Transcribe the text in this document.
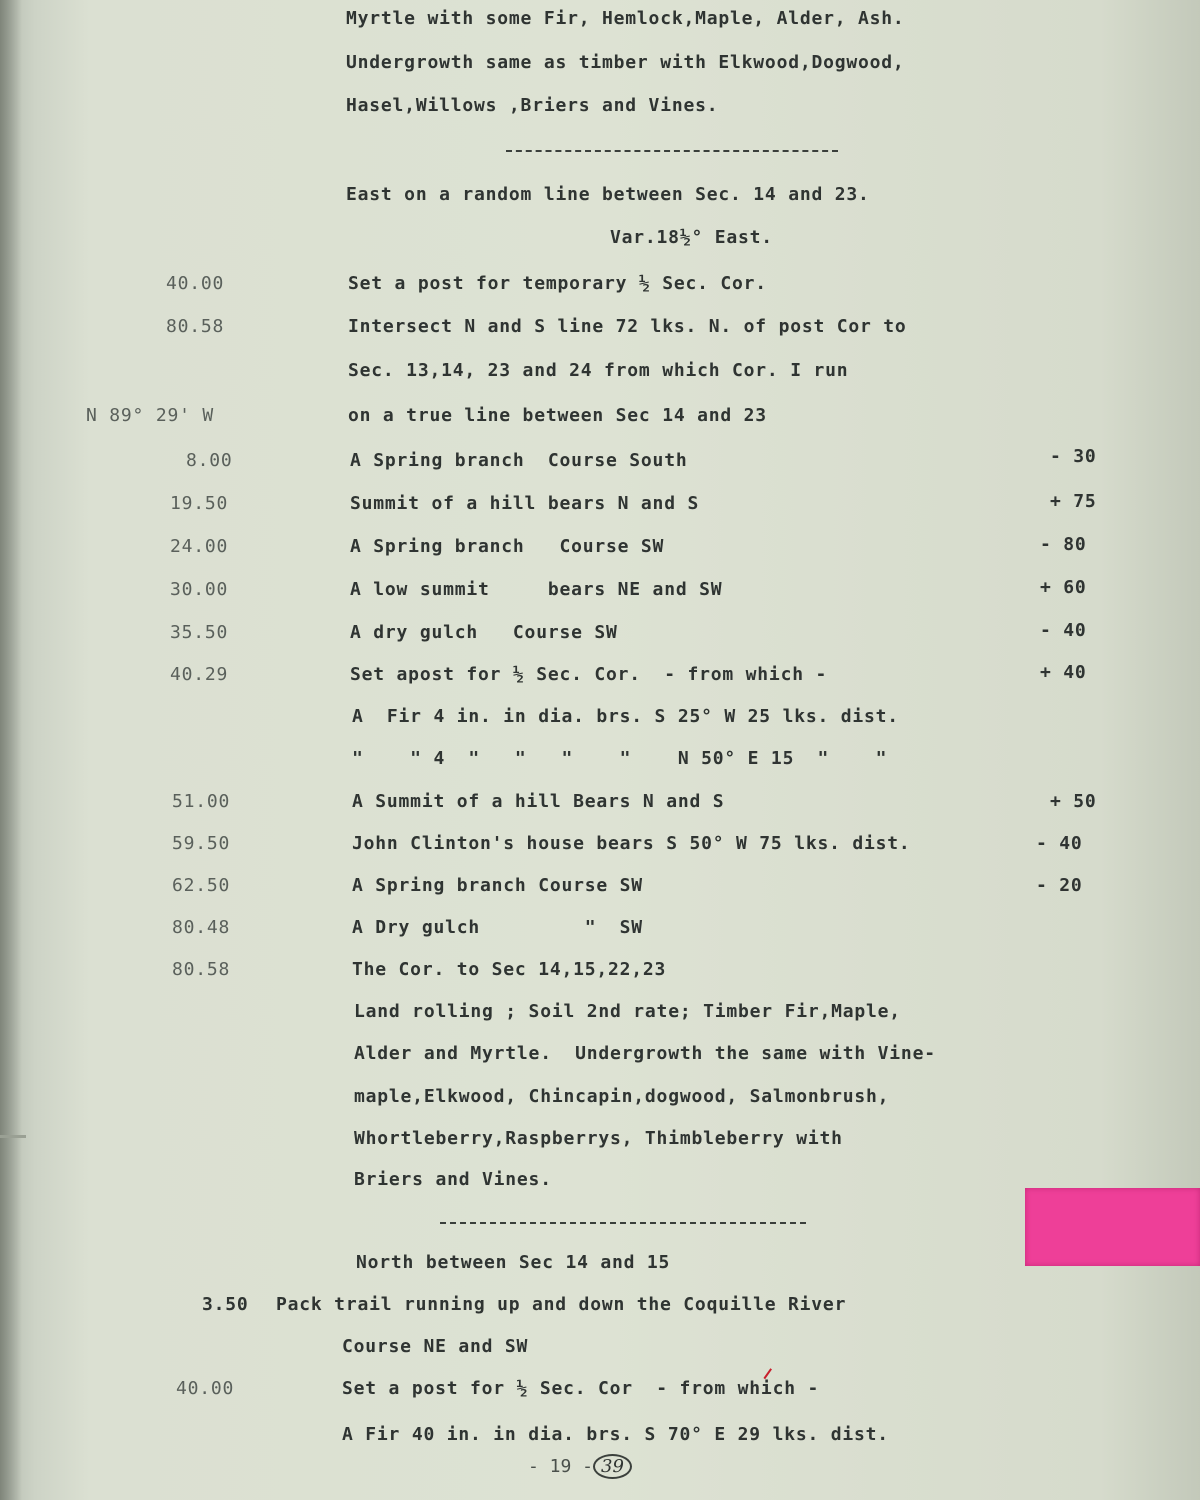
Myrtle with some Fir, Hemlock,Maple, Alder, Ash.
Undergrowth same as timber with Elkwood,Dogwood,
Hasel,Willows ,Briers and Vines.
East on a random line between Sec. 14 and 23.
Var.18½° East.
40.00	Set a post for temporary ½ Sec. Cor.
80.58	Intersect N and S line 72 lks. N. of post Cor to
Sec. 13,14, 23 and 24 from which Cor. I run
N 89° 29' W	on a true line between Sec 14 and 23
8.00	A Spring branch  Course South	- 30
19.50	Summit of a hill bears N and S	+ 75
24.00	A Spring branch   Course SW	- 80
30.00	A low summit     bears NE and SW	+ 60
35.50	A dry gulch   Course SW	- 40
40.29	Set apost for ½ Sec. Cor.  - from which -	+ 40
A  Fir 4 in. in dia. brs. S 25° W 25 lks. dist.
"    " 4  "   "   "    "    N 50° E 15  "    "
51.00	A Summit of a hill Bears N and S	+ 50
59.50	John Clinton's house bears S 50° W 75 lks. dist.	- 40
62.50	A Spring branch Course SW	- 20
80.48	A Dry gulch         "  SW
80.58	The Cor. to Sec 14,15,22,23
Land rolling ; Soil 2nd rate; Timber Fir,Maple,
Alder and Myrtle.  Undergrowth the same with Vine-
maple,Elkwood, Chincapin,dogwood, Salmonbrush,
Whortleberry,Raspberrys, Thimbleberry with
Briers and Vines.
North between Sec 14 and 15
3.50 Pack trail running up and down the Coquille River
Course NE and SW
40.00	Set a post for ½ Sec. Cor  - from which -
A Fir 40 in. in dia. brs. S 70° E 29 lks. dist.
- 19 - 39
